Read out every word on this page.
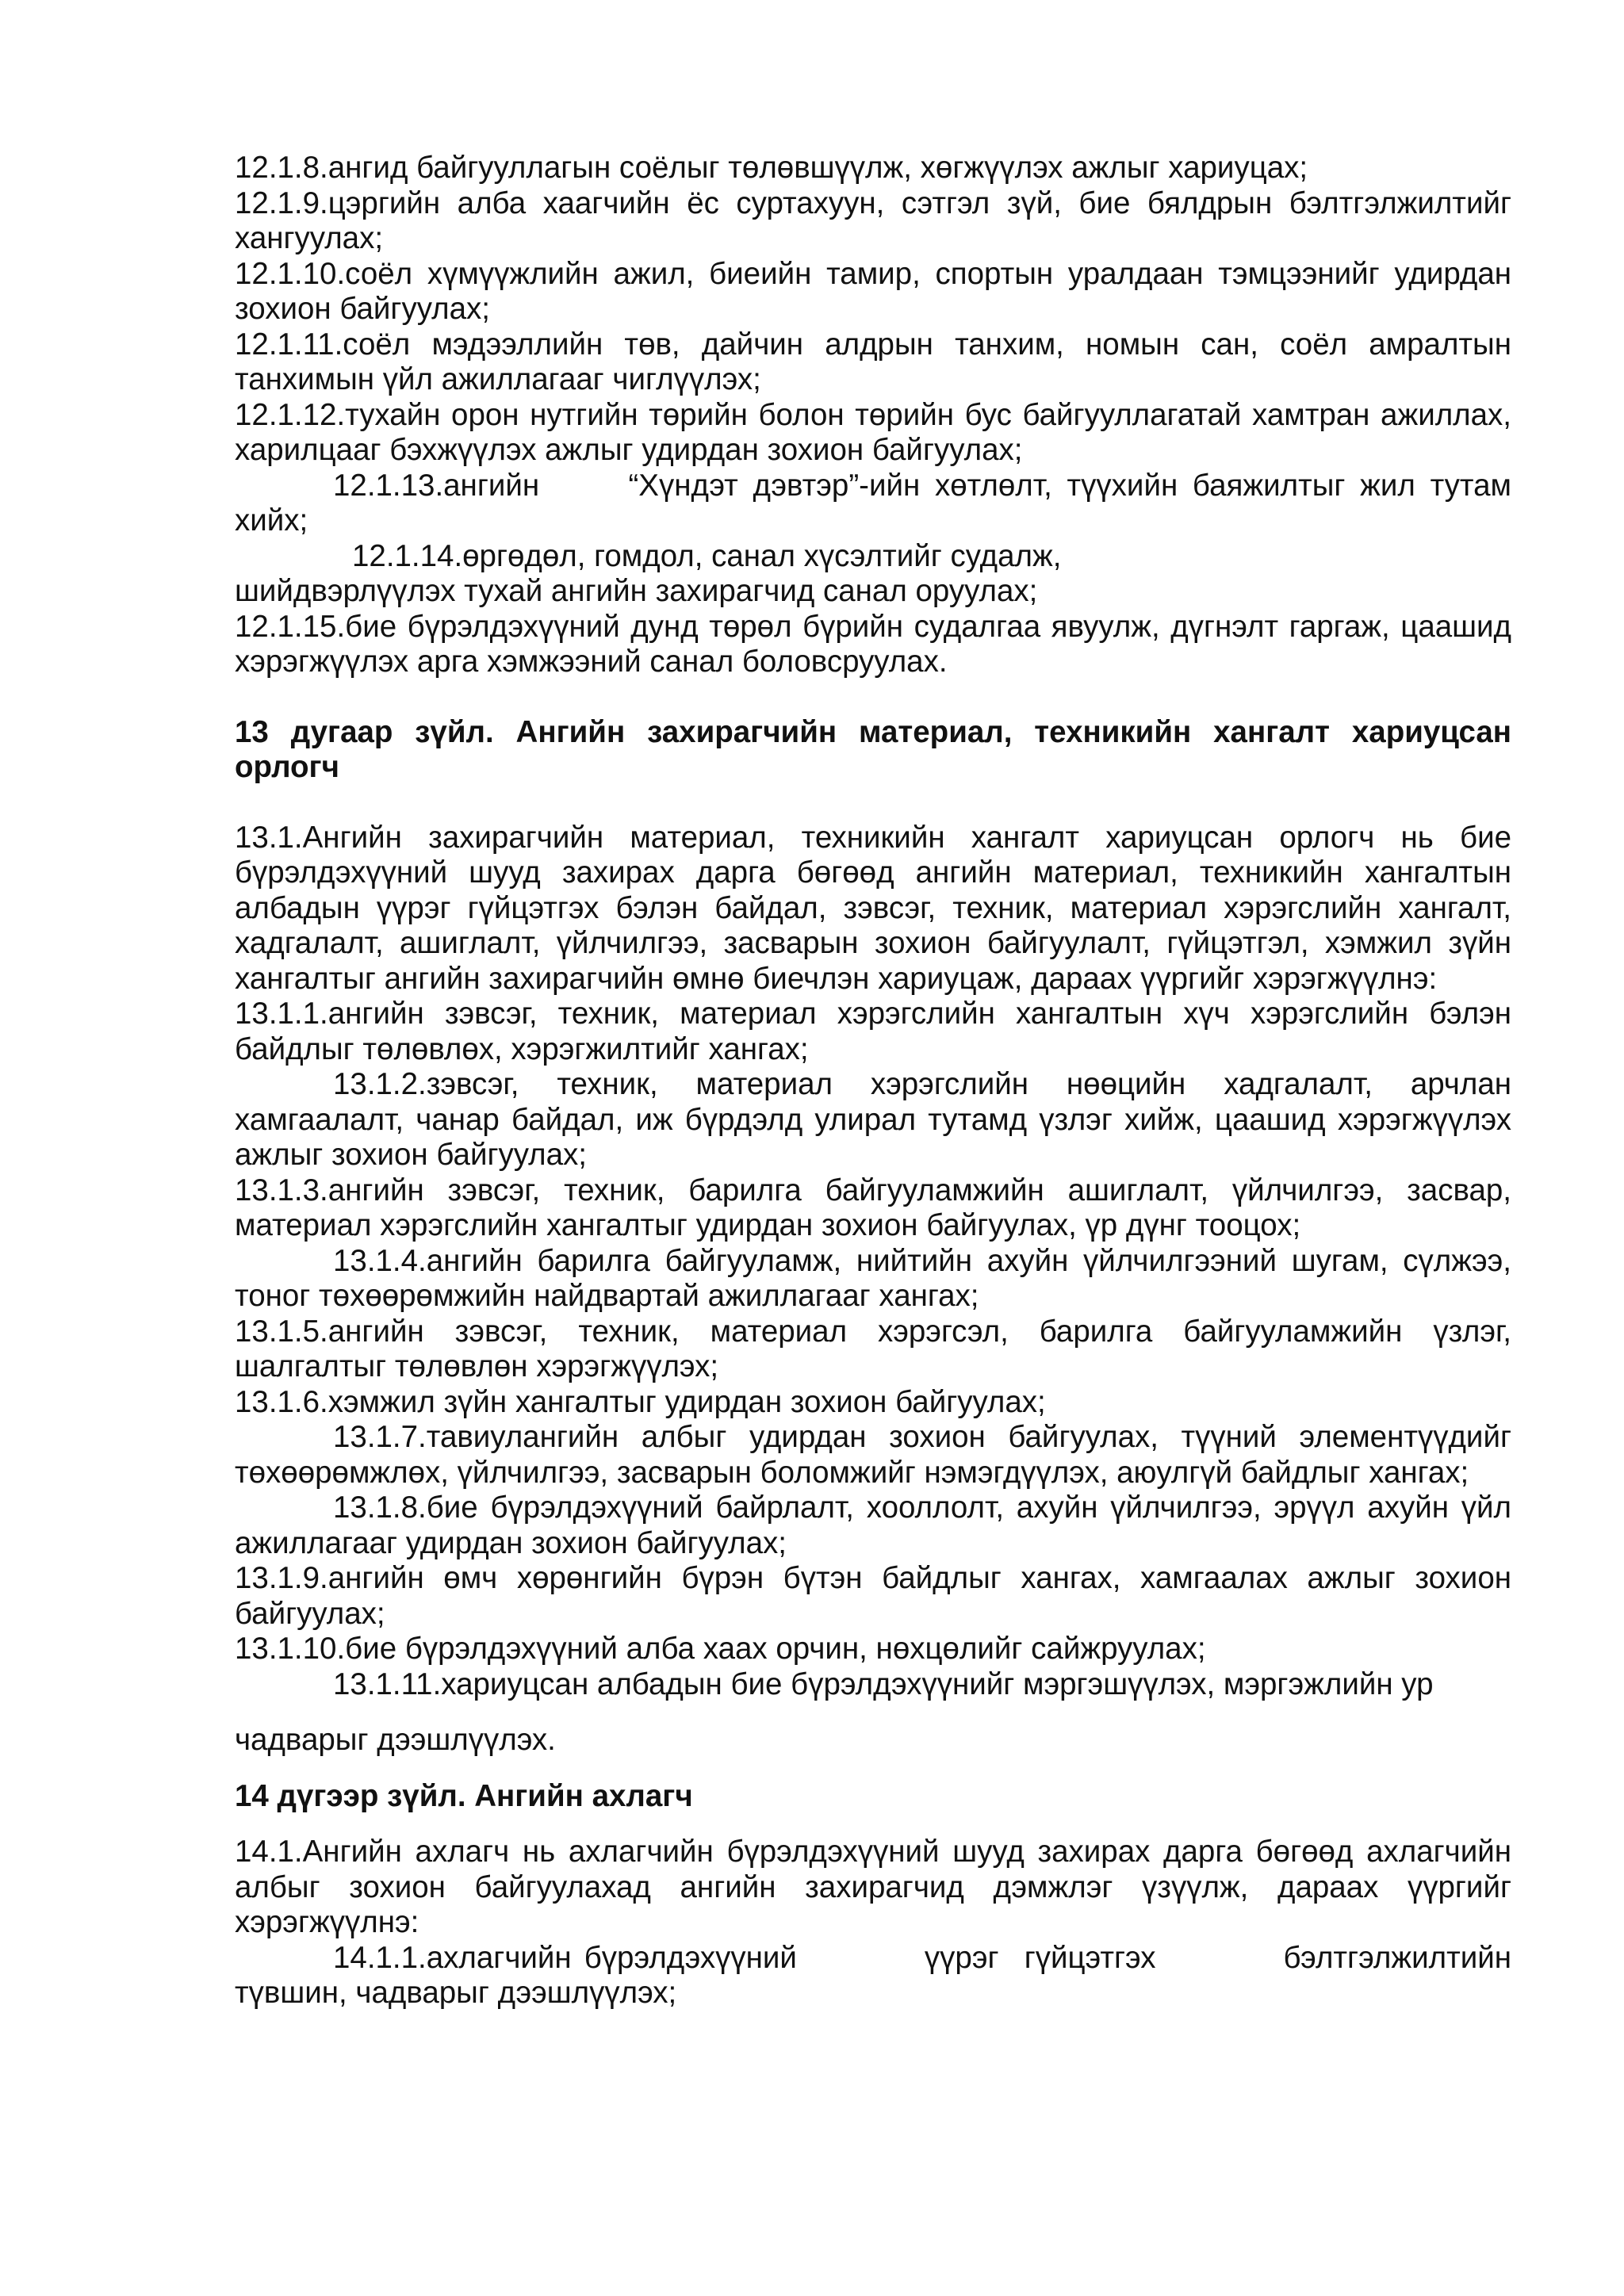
12.1.8.ангид байгууллагын соёлыг төлөвшүүлж, хөгжүүлэх ажлыг хариуцах;

12.1.9.цэргийн алба хаагчийн ёс суртахуун, сэтгэл зүй, бие бялдрын бэлтгэлжилтийг хангуулах;

12.1.10.соёл хүмүүжлийн ажил, биеийн тамир, спортын уралдаан тэмцээнийг удирдан зохион байгуулах;

12.1.11.соёл мэдээллийн төв, дайчин алдрын танхим, номын сан, соёл амралтын танхимын үйл ажиллагааг чиглүүлэх;

12.1.12.тухайн орон нутгийн төрийн болон төрийн бус байгууллагатай хамтран ажиллах, харилцааг бэхжүүлэх ажлыг удирдан зохион байгуулах;

12.1.13.ангийн      “Хүндэт дэвтэр”-ийн хөтлөлт, түүхийн баяжилтыг жил тутам хийх;

12.1.14.өргөдөл, гомдол, санал хүсэлтийг судалж,

шийдвэрлүүлэх тухай ангийн захирагчид санал оруулах;

12.1.15.бие бүрэлдэхүүний дунд төрөл бүрийн судалгаа явуулж, дүгнэлт гаргаж, цаашид хэрэгжүүлэх арга хэмжээний санал боловсруулах.

13 дугаар зүйл. Ангийн захирагчийн материал, техникийн хангалт хариуцсан орлогч

13.1.Ангийн захирагчийн материал, техникийн хангалт хариуцсан орлогч нь бие бүрэлдэхүүний шууд захирах дарга бөгөөд ангийн материал, техникийн хангалтын албадын үүрэг гүйцэтгэх бэлэн байдал, зэвсэг, техник, материал хэрэгслийн хангалт, хадгалалт, ашиглалт, үйлчилгээ, засварын зохион байгуулалт, гүйцэтгэл, хэмжил зүйн хангалтыг ангийн захирагчийн өмнө биечлэн хариуцаж, дараах үүргийг хэрэгжүүлнэ:

13.1.1.ангийн зэвсэг, техник, материал хэрэгслийн хангалтын хүч хэрэгслийн бэлэн байдлыг төлөвлөх, хэрэгжилтийг хангах;

13.1.2.зэвсэг, техник, материал хэрэгслийн нөөцийн хадгалалт, арчлан хамгаалалт, чанар байдал, иж бүрдэлд улирал тутамд үзлэг хийж, цаашид хэрэгжүүлэх ажлыг зохион байгуулах;

13.1.3.ангийн зэвсэг, техник, барилга байгууламжийн ашиглалт, үйлчилгээ, засвар, материал хэрэгслийн хангалтыг удирдан зохион байгуулах, үр дүнг тооцох;

13.1.4.ангийн барилга байгууламж, нийтийн ахуйн үйлчилгээний шугам, сүлжээ, тоног төхөөрөмжийн найдвартай ажиллагааг хангах;

13.1.5.ангийн зэвсэг, техник, материал хэрэгсэл, барилга байгууламжийн үзлэг, шалгалтыг төлөвлөн хэрэгжүүлэх;

13.1.6.хэмжил зүйн хангалтыг удирдан зохион байгуулах;

13.1.7.тавиулангийн албыг удирдан зохион байгуулах, түүний элементүүдийг төхөөрөмжлөх, үйлчилгээ, засварын боломжийг нэмэгдүүлэх, аюулгүй байдлыг хангах;

13.1.8.бие бүрэлдэхүүний байрлалт, хооллолт, ахуйн үйлчилгээ, эрүүл ахуйн үйл ажиллагааг удирдан зохион байгуулах;

13.1.9.ангийн өмч хөрөнгийн бүрэн бүтэн байдлыг хангах, хамгаалах ажлыг зохион байгуулах;

13.1.10.бие бүрэлдэхүүний алба хаах орчин, нөхцөлийг сайжруулах;

13.1.11.хариуцсан албадын бие бүрэлдэхүүнийг мэргэшүүлэх, мэргэжлийн ур

чадварыг дээшлүүлэх.

14 дүгээр зүйл. Ангийн ахлагч

14.1.Ангийн ахлагч нь ахлагчийн бүрэлдэхүүний шууд захирах дарга бөгөөд ахлагчийн албыг зохион байгуулахад ангийн захирагчид дэмжлэг үзүүлж, дараах үүргийг хэрэгжүүлнэ:

14.1.1.ахлагчийн бүрэлдэхүүний          үүрэг  гүйцэтгэх          бэлтгэлжилтийн түвшин, чадварыг дээшлүүлэх;
